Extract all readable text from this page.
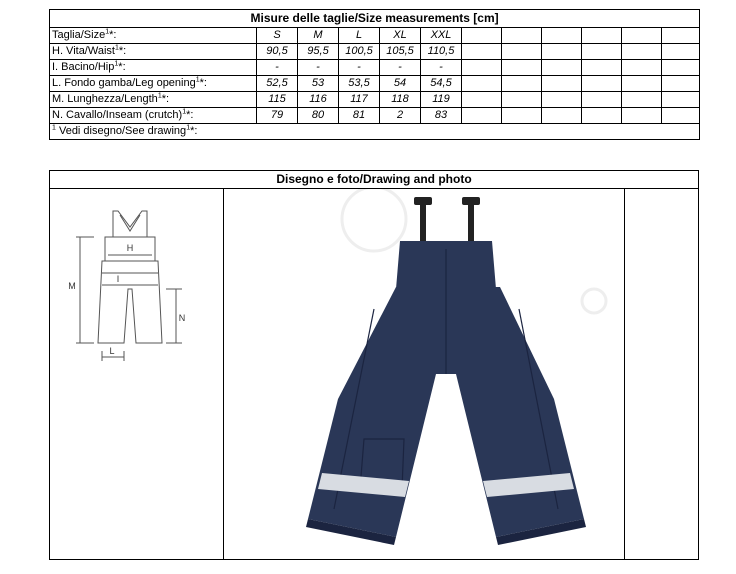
Misure delle taglie/Size measurements [cm]											
Taglia/Size$^1$*:	S	M	L	XL	XXL						
H. Vita/Waist$^1$*:	90,5	95,5	100,5	105,5	110,5						
I. Bacino/Hip$^1$*:	-	-	-	-	-						
L. Fondo gamba/Leg opening$^1$*:	52,5	53	53,5	54	54,5						
M. Lunghezza/Length$^1$*:	115	116	117	118	119						
N. Cavallo/Inseam (crutch)$^1$*:	79	80	81	2	83						
$^1$ Vedi disegno/See drawing$^1$*:											
Disegno e foto/Drawing and photo
H
I
M
N
L
